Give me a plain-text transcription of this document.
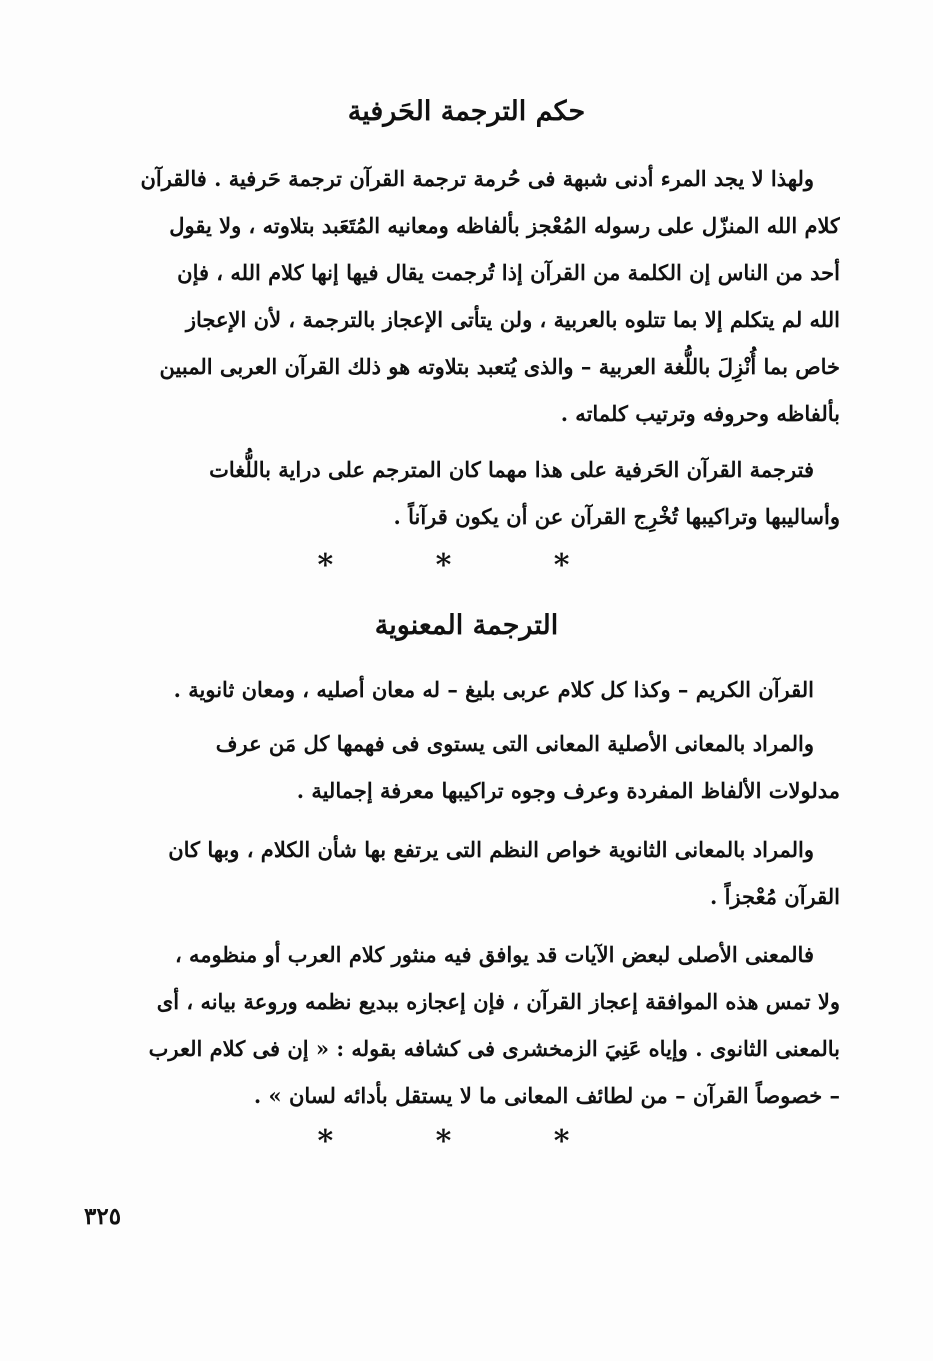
حكم الترجمة الحَرفية
ولهذا لا يجد المرء أدنى شبهة فى حُرمة ترجمة القرآن ترجمة حَرفية . فالقرآن
كلام الله المنزّل على رسوله المُعْجز بألفاظه ومعانيه المُتَعَبد بتلاوته ، ولا يقول
أحد من الناس إن الكلمة من القرآن إذا تُرجمت يقال فيها إنها كلام الله ، فإن
الله لم يتكلم إلا بما تتلوه بالعربية ، ولن يتأتى الإعجاز بالترجمة ، لأن الإعجاز
خاص بما أُنْزِلَ باللُّغة العربية – والذى يُتعبد بتلاوته هو ذلك القرآن العربى المبين
بألفاظه وحروفه وترتيب كلماته .
فترجمة القرآن الحَرفية على هذا مهما كان المترجم على دراية باللُّغات
وأساليبها وتراكيبها تُخْرِج القرآن عن أن يكون قرآناً .
* * *
الترجمة المعنوية
القرآن الكريم – وكذا كل كلام عربى بليغ – له معان أصليه ، ومعان ثانوية .
والمراد بالمعانى الأصلية المعانى التى يستوى فى فهمها كل مَن عرف
مدلولات الألفاظ المفردة وعرف وجوه تراكيبها معرفة إجمالية .
والمراد بالمعانى الثانوية خواص النظم التى يرتفع بها شأن الكلام ، وبها كان
القرآن مُعْجزاً .
فالمعنى الأصلى لبعض الآيات قد يوافق فيه منثور كلام العرب أو منظومه ،
ولا تمس هذه الموافقة إعجاز القرآن ، فإن إعجازه ببديع نظمه وروعة بيانه ، أى
بالمعنى الثانوى . وإياه عَنِيَ الزمخشرى فى كشافه بقوله : « إن فى كلام العرب
– خصوصاً القرآن – من لطائف المعانى ما لا يستقل بأدائه لسان » .
* * *
٣٢٥
